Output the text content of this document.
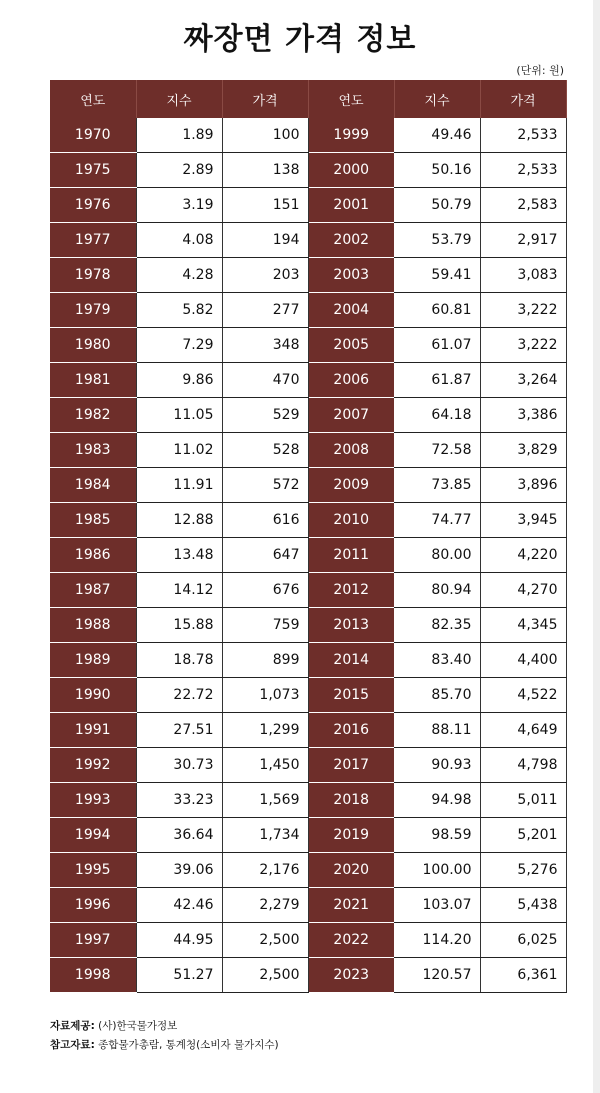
짜장면 가격 정보
(단위: 원)
연도	지수	가격	연도	지수	가격
1970	1.89	100	1999	49.46	2,533
1975	2.89	138	2000	50.16	2,533
1976	3.19	151	2001	50.79	2,583
1977	4.08	194	2002	53.79	2,917
1978	4.28	203	2003	59.41	3,083
1979	5.82	277	2004	60.81	3,222
1980	7.29	348	2005	61.07	3,222
1981	9.86	470	2006	61.87	3,264
1982	11.05	529	2007	64.18	3,386
1983	11.02	528	2008	72.58	3,829
1984	11.91	572	2009	73.85	3,896
1985	12.88	616	2010	74.77	3,945
1986	13.48	647	2011	80.00	4,220
1987	14.12	676	2012	80.94	4,270
1988	15.88	759	2013	82.35	4,345
1989	18.78	899	2014	83.40	4,400
1990	22.72	1,073	2015	85.70	4,522
1991	27.51	1,299	2016	88.11	4,649
1992	30.73	1,450	2017	90.93	4,798
1993	33.23	1,569	2018	94.98	5,011
1994	36.64	1,734	2019	98.59	5,201
1995	39.06	2,176	2020	100.00	5,276
1996	42.46	2,279	2021	103.07	5,438
1997	44.95	2,500	2022	114.20	6,025
1998	51.27	2,500	2023	120.57	6,361
자료제공: (사)한국물가정보
참고자료: 종합물가총람, 통계청(소비자 물가지수)
